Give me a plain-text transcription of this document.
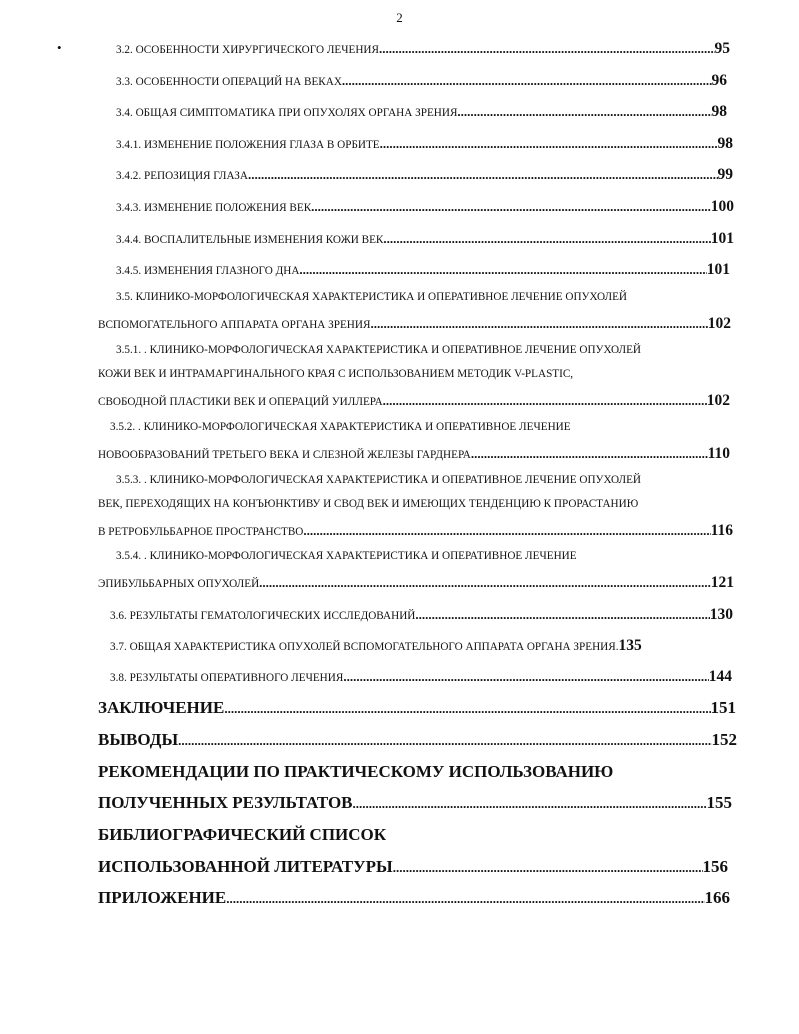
2
•	3.2. ОСОБЕННОСТИ ХИРУРГИЧЕСКОГО ЛЕЧЕНИЯ .....	95
3.3. ОСОБЕННОСТИ ОПЕРАЦИЙ НА ВЕКАХ .....	96
3.4. ОБЩАЯ СИМПТОМАТИКА ПРИ ОПУХОЛЯХ ОРГАНА ЗРЕНИЯ .....	98
3.4.1. ИЗМЕНЕНИЕ ПОЛОЖЕНИЯ ГЛАЗА В ОРБИТЕ .....	98
3.4.2. РЕПОЗИЦИЯ ГЛАЗА .....	99
3.4.3. ИЗМЕНЕНИЕ ПОЛОЖЕНИЯ ВЕК .....	100
3.4.4. ВОСПАЛИТЕЛЬНЫЕ ИЗМЕНЕНИЯ КОЖИ ВЕК .....	101
3.4.5. ИЗМЕНЕНИЯ ГЛАЗНОГО ДНА .....	101
3.5. КЛИНИКО-МОРФОЛОГИЧЕСКАЯ ХАРАКТЕРИСТИКА И ОПЕРАТИВНОЕ ЛЕЧЕНИЕ ОПУХОЛЕЙ
ВСПОМОГАТЕЛЬНОГО АППАРАТА ОРГАНА ЗРЕНИЯ .....	102
3.5.1. . КЛИНИКО-МОРФОЛОГИЧЕСКАЯ ХАРАКТЕРИСТИКА И ОПЕРАТИВНОЕ ЛЕЧЕНИЕ ОПУХОЛЕЙ
КОЖИ ВЕК И ИНТРАМАРГИНАЛЬНОГО КРАЯ С ИСПОЛЬЗОВАНИЕМ МЕТОДИК V-PLASTIC,
СВОБОДНОЙ ПЛАСТИКИ ВЕК И ОПЕРАЦИЙ УИЛЛЕРА .....	102
3.5.2. . КЛИНИКО-МОРФОЛОГИЧЕСКАЯ ХАРАКТЕРИСТИКА И ОПЕРАТИВНОЕ ЛЕЧЕНИЕ
НОВООБРАЗОВАНИЙ ТРЕТЬЕГО ВЕКА И СЛЕЗНОЙ ЖЕЛЕЗЫ ГАРДНЕРА .....	110
3.5.3. . КЛИНИКО-МОРФОЛОГИЧЕСКАЯ ХАРАКТЕРИСТИКА И ОПЕРАТИВНОЕ ЛЕЧЕНИЕ ОПУХОЛЕЙ
ВЕК, ПЕРЕХОДЯЩИХ НА КОНЪЮНКТИВУ И СВОД ВЕК И ИМЕЮЩИХ ТЕНДЕНЦИЮ К ПРОРАСТАНИЮ
В РЕТРОБУЛЬБАРНОЕ ПРОСТРАНСТВО .....	116
3.5.4. . КЛИНИКО-МОРФОЛОГИЧЕСКАЯ ХАРАКТЕРИСТИКА И ОПЕРАТИВНОЕ ЛЕЧЕНИЕ
ЭПИБУЛЬБАРНЫХ ОПУХОЛЕЙ .....	121
3.6. РЕЗУЛЬТАТЫ ГЕМАТОЛОГИЧЕСКИХ ИССЛЕДОВАНИЙ .....	130
3.7. ОБЩАЯ ХАРАКТЕРИСТИКА ОПУХОЛЕЙ ВСПОМОГАТЕЛЬНОГО АППАРАТА ОРГАНА ЗРЕНИЯ. 135
3.8. РЕЗУЛЬТАТЫ ОПЕРАТИВНОГО ЛЕЧЕНИЯ .....	144
ЗАКЛЮЧЕНИЕ .....	151
ВЫВОДЫ .....	152
РЕКОМЕНДАЦИИ ПО ПРАКТИЧЕСКОМУ ИСПОЛЬЗОВАНИЮ
ПОЛУЧЕННЫХ РЕЗУЛЬТАТОВ .....	155
БИБЛИОГРАФИЧЕСКИЙ СПИСОК
ИСПОЛЬЗОВАННОЙ ЛИТЕРАТУРЫ .....	156
ПРИЛОЖЕНИЕ .....	166
